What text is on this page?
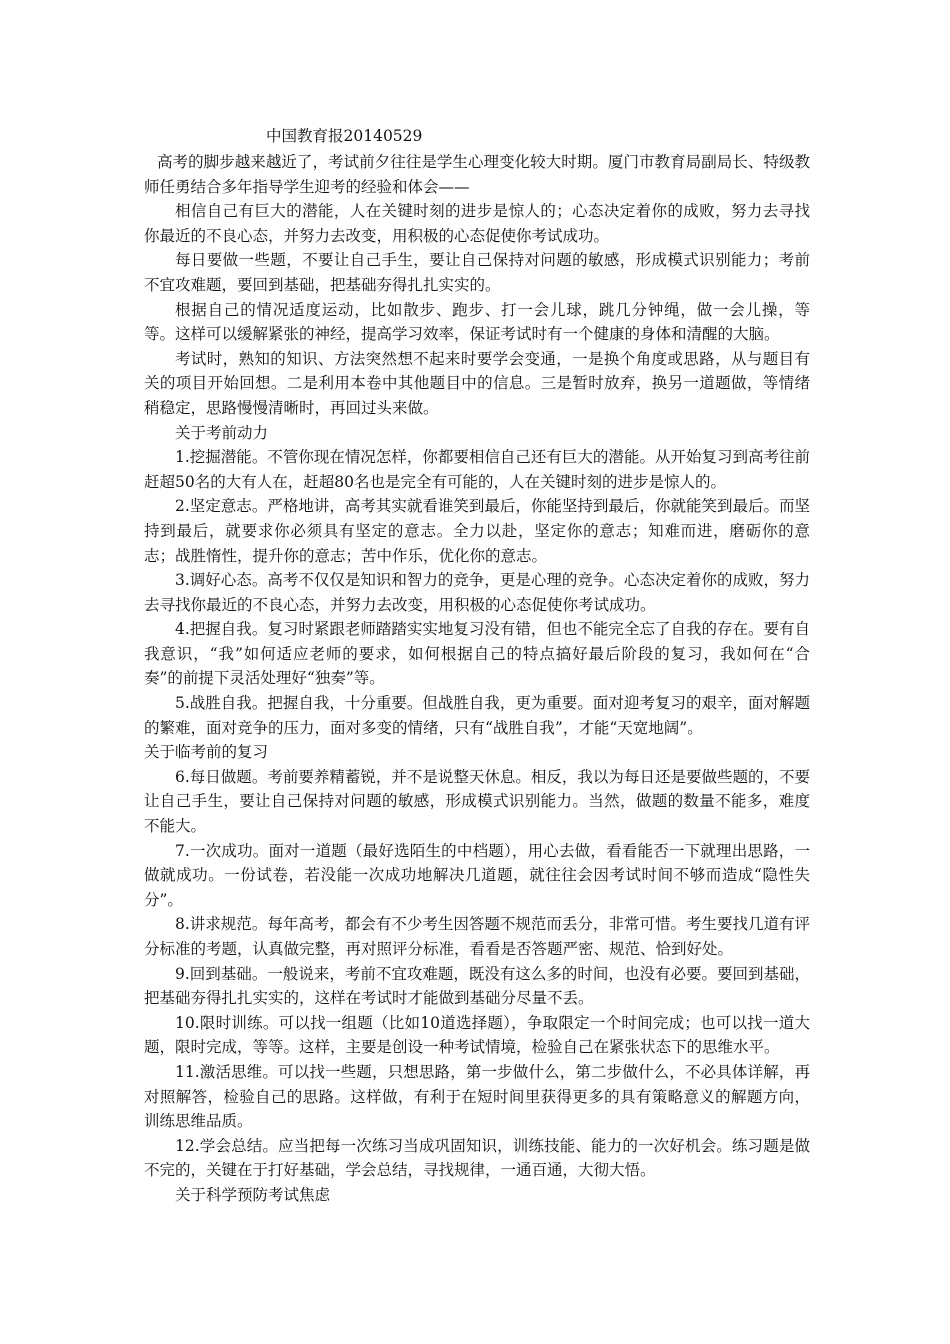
中国教育报20140529

高考的脚步越来越近了，考试前夕往往是学生心理变化较大时期。厦门市教育局副局长、特级教师任勇结合多年指导学生迎考的经验和体会——

相信自己有巨大的潜能，人在关键时刻的进步是惊人的；心态决定着你的成败，努力去寻找你最近的不良心态，并努力去改变，用积极的心态促使你考试成功。

每日要做一些题，不要让自己手生，要让自己保持对问题的敏感，形成模式识别能力；考前不宜攻难题，要回到基础，把基础夯得扎扎实实的。

根据自己的情况适度运动，比如散步、跑步、打一会儿球，跳几分钟绳，做一会儿操，等等。这样可以缓解紧张的神经，提高学习效率，保证考试时有一个健康的身体和清醒的大脑。

考试时，熟知的知识、方法突然想不起来时要学会变通，一是换个角度或思路，从与题目有关的项目开始回想。二是利用本卷中其他题目中的信息。三是暂时放弃，换另一道题做，等情绪稍稳定，思路慢慢清晰时，再回过头来做。

关于考前动力

1.挖掘潜能。不管你现在情况怎样，你都要相信自己还有巨大的潜能。从开始复习到高考往前赶超50名的大有人在，赶超80名也是完全有可能的，人在关键时刻的进步是惊人的。

2.坚定意志。严格地讲，高考其实就看谁笑到最后，你能坚持到最后，你就能笑到最后。而坚持到最后，就要求你必须具有坚定的意志。全力以赴，坚定你的意志；知难而进，磨砺你的意志；战胜惰性，提升你的意志；苦中作乐，优化你的意志。

3.调好心态。高考不仅仅是知识和智力的竞争，更是心理的竞争。心态决定着你的成败，努力去寻找你最近的不良心态，并努力去改变，用积极的心态促使你考试成功。

4.把握自我。复习时紧跟老师踏踏实实地复习没有错，但也不能完全忘了自我的存在。要有自我意识，“我”如何适应老师的要求，如何根据自己的特点搞好最后阶段的复习，我如何在“合奏”的前提下灵活处理好“独奏”等。

5.战胜自我。把握自我，十分重要。但战胜自我，更为重要。面对迎考复习的艰辛，面对解题的繁难，面对竞争的压力，面对多变的情绪，只有“战胜自我”，才能“天宽地阔”。

关于临考前的复习

6.每日做题。考前要养精蓄锐，并不是说整天休息。相反，我以为每日还是要做些题的，不要让自己手生，要让自己保持对问题的敏感，形成模式识别能力。当然，做题的数量不能多，难度不能大。

7.一次成功。面对一道题（最好选陌生的中档题），用心去做，看看能否一下就理出思路，一做就成功。一份试卷，若没能一次成功地解决几道题，就往往会因考试时间不够而造成“隐性失分”。

8.讲求规范。每年高考，都会有不少考生因答题不规范而丢分，非常可惜。考生要找几道有评分标准的考题，认真做完整，再对照评分标准，看看是否答题严密、规范、恰到好处。

9.回到基础。一般说来，考前不宜攻难题，既没有这么多的时间，也没有必要。要回到基础，把基础夯得扎扎实实的，这样在考试时才能做到基础分尽量不丢。

10.限时训练。可以找一组题（比如10道选择题），争取限定一个时间完成；也可以找一道大题，限时完成，等等。这样，主要是创设一种考试情境，检验自己在紧张状态下的思维水平。

11.激活思维。可以找一些题，只想思路，第一步做什么，第二步做什么，不必具体详解，再对照解答，检验自己的思路。这样做，有利于在短时间里获得更多的具有策略意义的解题方向，训练思维品质。

12.学会总结。应当把每一次练习当成巩固知识，训练技能、能力的一次好机会。练习题是做不完的，关键在于打好基础，学会总结，寻找规律，一通百通，大彻大悟。

关于科学预防考试焦虑
